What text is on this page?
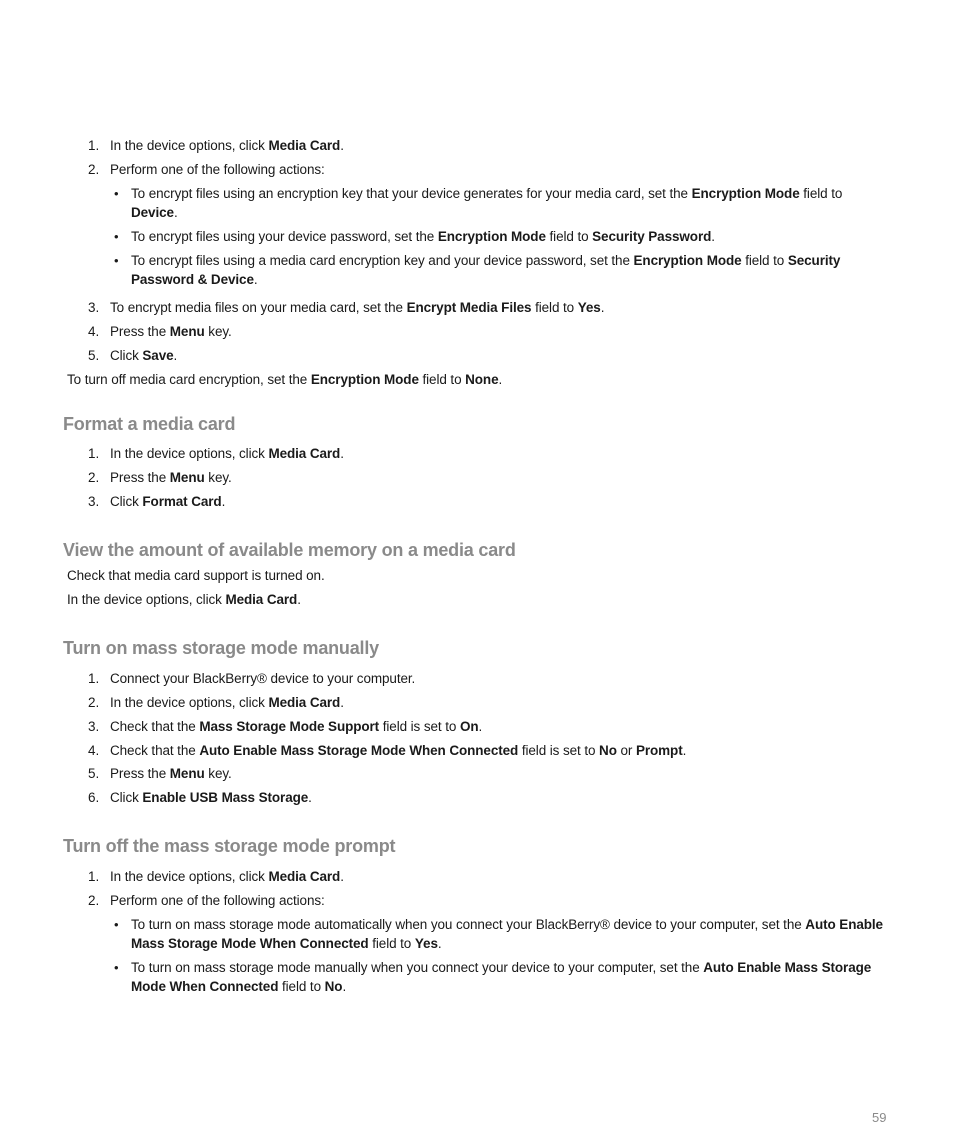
1. In the device options, click Media Card.
2. Perform one of the following actions:
• To encrypt files using an encryption key that your device generates for your media card, set the Encryption Mode field to
Device.
• To encrypt files using your device password, set the Encryption Mode field to Security Password.
• To encrypt files using a media card encryption key and your device password, set the Encryption Mode field to Security
Password & Device.
3. To encrypt media files on your media card, set the Encrypt Media Files field to Yes.
4. Press the Menu key.
5. Click Save.
To turn off media card encryption, set the Encryption Mode field to None.
Format a media card
1. In the device options, click Media Card.
2. Press the Menu key.
3. Click Format Card.
View the amount of available memory on a media card
Check that media card support is turned on.
In the device options, click Media Card.
Turn on mass storage mode manually
1. Connect your BlackBerry® device to your computer.
2. In the device options, click Media Card.
3. Check that the Mass Storage Mode Support field is set to On.
4. Check that the Auto Enable Mass Storage Mode When Connected field is set to No or Prompt.
5. Press the Menu key.
6. Click Enable USB Mass Storage.
Turn off the mass storage mode prompt
1. In the device options, click Media Card.
2. Perform one of the following actions:
• To turn on mass storage mode automatically when you connect your BlackBerry® device to your computer, set the Auto Enable
Mass Storage Mode When Connected field to Yes.
• To turn on mass storage mode manually when you connect your device to your computer, set the Auto Enable Mass Storage
Mode When Connected field to No.
59
